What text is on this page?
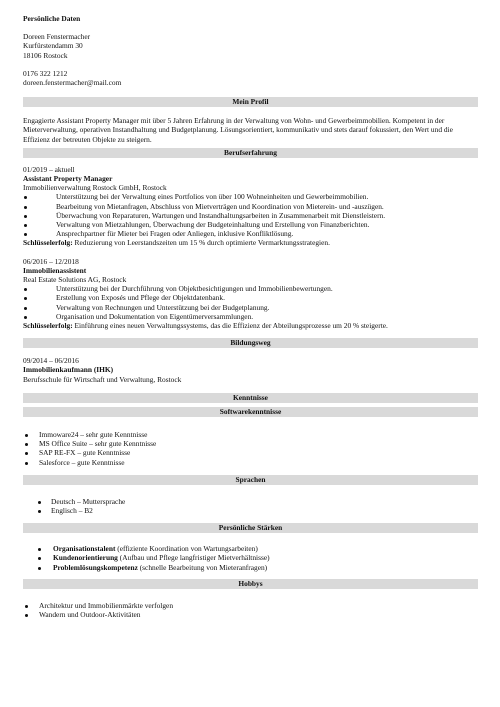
Persönliche Daten

Doreen Fenstermacher

Kurfürstendamm 30

18106 Rostock

0176 322 1212

doreen.fenstermacher@mail.com

Mein Profil

Engagierte Assistant Property Manager mit über 5 Jahren Erfahrung in der Verwaltung von Wohn- und Gewerbeimmobilien. Kompetent in der Mieterverwaltung, operativen Instandhaltung und Budgetplanung. Lösungsorientiert, kommunikativ und stets darauf fokussiert, den Wert und die Effizienz der betreuten Objekte zu steigern.

Berufserfahrung

01/2019 – aktuell

Assistant Property Manager

Immobilienverwaltung Rostock GmbH, Rostock

Unterstützung bei der Verwaltung eines Portfolios von über 100 Wohneinheiten und Gewerbeimmobilien.
Bearbeitung von Mietanfragen, Abschluss von Mietverträgen und Koordination von Mieterein- und -auszügen.
Überwachung von Reparaturen, Wartungen und Instandhaltungsarbeiten in Zusammenarbeit mit Dienstleistern.
Verwaltung von Mietzahlungen, Überwachung der Budgeteinhaltung und Erstellung von Finanzberichten.
Ansprechpartner für Mieter bei Fragen oder Anliegen, inklusive Konfliktlösung.

Schlüsselerfolg: Reduzierung von Leerstandszeiten um 15 % durch optimierte Vermarktungsstrategien.

06/2016 – 12/2018

Immobilienassistent

Real Estate Solutions AG, Rostock

Unterstützung bei der Durchführung von Objektbesichtigungen und Immobilienbewertungen.
Erstellung von Exposés und Pflege der Objektdatenbank.
Verwaltung von Rechnungen und Unterstützung bei der Budgetplanung.
Organisation und Dokumentation von Eigentümerversammlungen.

Schlüsselerfolg: Einführung eines neuen Verwaltungssystems, das die Effizienz der Abteilungsprozesse um 20 % steigerte.

Bildungsweg

09/2014 – 06/2016

Immobilienkaufmann (IHK)

Berufsschule für Wirtschaft und Verwaltung, Rostock

Kenntnisse
Softwarekenntnisse
Immoware24 – sehr gute Kenntnisse
MS Office Suite – sehr gute Kenntnisse
SAP RE-FX – gute Kenntnisse
Salesforce – gute Kenntnisse
Sprachen
Deutsch – Muttersprache
Englisch – B2
Persönliche Stärken
Organisationstalent (effiziente Koordination von Wartungsarbeiten)
Kundenorientierung (Aufbau und Pflege langfristiger Mietverhältnisse)
Problemlösungskompetenz (schnelle Bearbeitung von Mieteranfragen)
Hobbys
Architektur und Immobilienmärkte verfolgen
Wandern und Outdoor-Aktivitäten
